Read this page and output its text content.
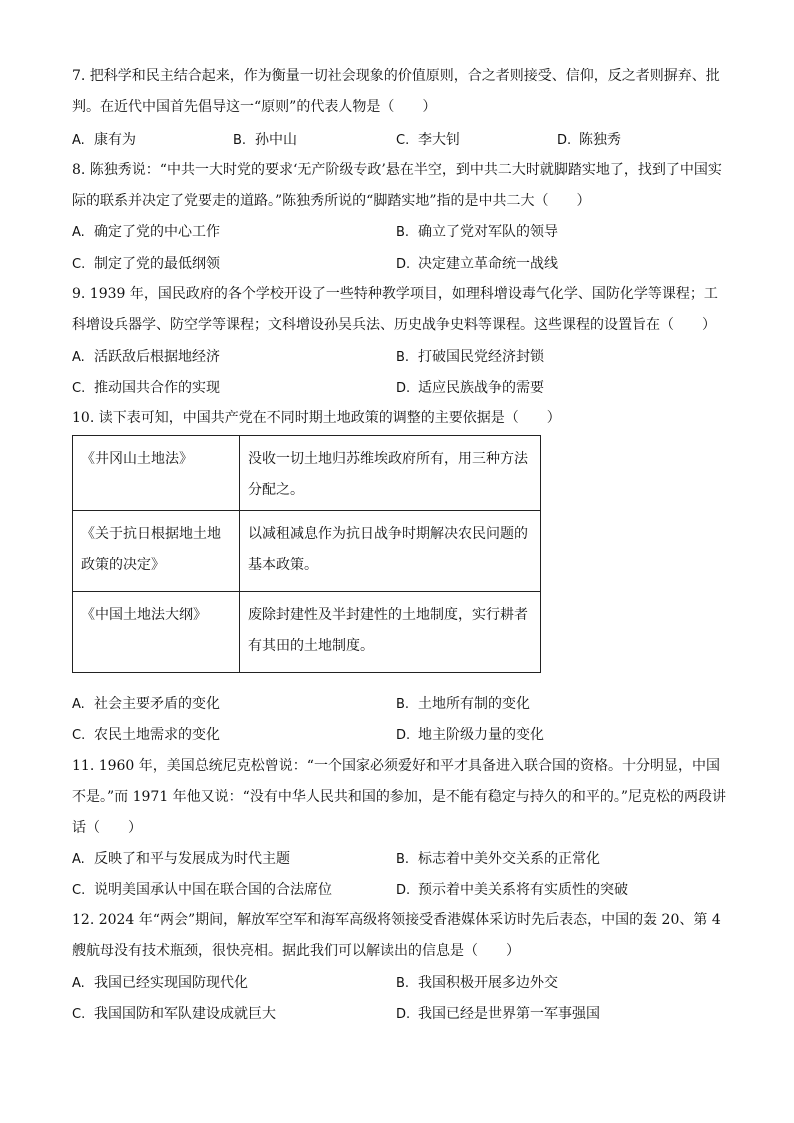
7. 把科学和民主结合起来，作为衡量一切社会现象的价值原则，合之者则接受、信仰，反之者则摒弃、批判。在近代中国首先倡导这一“原则”的代表人物是（　　）

A. 康有为	B. 孙中山	C. 李大钊	D. 陈独秀

8. 陈独秀说：“中共一大时党的要求‘无产阶级专政’悬在半空，到中共二大时就脚踏实地了，找到了中国实际的联系并决定了党要走的道路。”陈独秀所说的“脚踏实地”指的是中共二大（　　）

A. 确定了党的中心工作	B. 确立了党对军队的领导
C. 制定了党的最低纲领	D. 决定建立革命统一战线

9. 1939 年，国民政府的各个学校开设了一些特种教学项目，如理科增设毒气化学、国防化学等课程；工科增设兵器学、防空学等课程；文科增设孙吴兵法、历史战争史料等课程。这些课程的设置旨在（　　）

A. 活跃敌后根据地经济	B. 打破国民党经济封锁
C. 推动国共合作的实现	D. 适应民族战争的需要

10. 读下表可知，中国共产党在不同时期土地政策的调整的主要依据是（　　）

《井冈山土地法》	没收一切土地归苏维埃政府所有，用三种方法分配之。
《关于抗日根据地土地政策的决定》	以减租减息作为抗日战争时期解决农民问题的基本政策。
《中国土地法大纲》	废除封建性及半封建性的土地制度，实行耕者有其田的土地制度。
A. 社会主要矛盾的变化	B. 土地所有制的变化
C. 农民土地需求的变化	D. 地主阶级力量的变化

11. 1960 年，美国总统尼克松曾说：“一个国家必须爱好和平才具备进入联合国的资格。十分明显，中国不是。”而 1971 年他又说：“没有中华人民共和国的参加，是不能有稳定与持久的和平的。”尼克松的两段讲话（　　）

A. 反映了和平与发展成为时代主题	B. 标志着中美外交关系的正常化
C. 说明美国承认中国在联合国的合法席位	D. 预示着中美关系将有实质性的突破

12. 2024 年“两会”期间，解放军空军和海军高级将领接受香港媒体采访时先后表态，中国的轰 20、第 4 艘航母没有技术瓶颈，很快亮相。据此我们可以解读出的信息是（　　）

A. 我国已经实现国防现代化	B. 我国积极开展多边外交
C. 我国国防和军队建设成就巨大	D. 我国已经是世界第一军事强国
